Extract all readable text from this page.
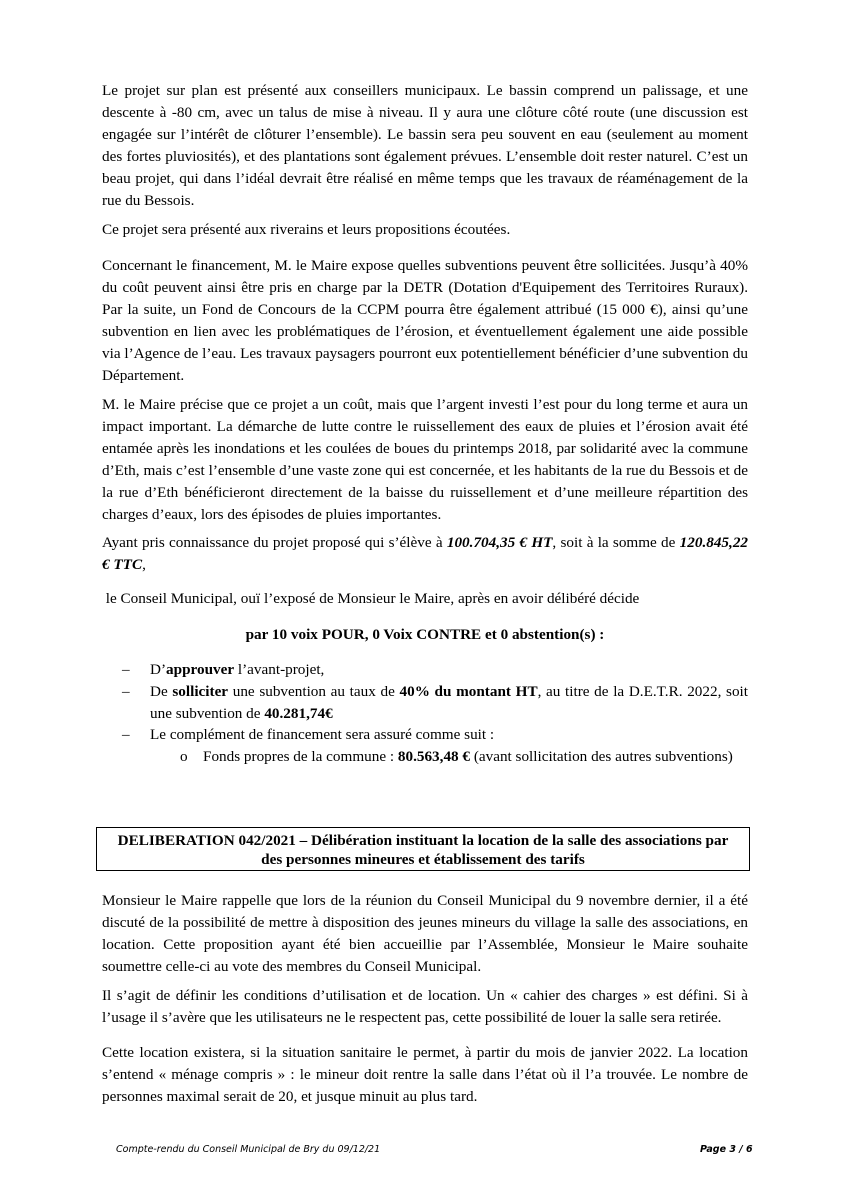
Le projet sur plan est présenté aux conseillers municipaux. Le bassin comprend un palissage, et une descente à -80 cm, avec un talus de mise à niveau. Il y aura une clôture côté route (une discussion est engagée sur l’intérêt de clôturer l’ensemble). Le bassin sera peu souvent en eau (seulement au moment des fortes pluviosités), et des plantations sont également prévues. L’ensemble doit rester naturel. C’est un beau projet, qui dans l’idéal devrait être réalisé en même temps que les travaux de réaménagement de la rue du Bessois.

Ce projet sera présenté aux riverains et leurs propositions écoutées.

Concernant le financement, M. le Maire expose quelles subventions peuvent être sollicitées. Jusqu’à 40% du coût peuvent ainsi être pris en charge par la DETR (Dotation d'Equipement des Territoires Ruraux). Par la suite, un Fond de Concours de la CCPM pourra être également attribué (15 000 €), ainsi qu’une subvention en lien avec les problématiques de l’érosion, et éventuellement également une aide possible via l’Agence de l’eau. Les travaux paysagers pourront eux potentiellement bénéficier d’une subvention du Département.

M. le Maire précise que ce projet a un coût, mais que l’argent investi l’est pour du long terme et aura un impact important. La démarche de lutte contre le ruissellement des eaux de pluies et l’érosion avait été entamée après les inondations et les coulées de boues du printemps 2018, par solidarité avec la commune d’Eth, mais c’est l’ensemble d’une vaste zone qui est concernée, et les habitants de la rue du Bessois et de la rue d’Eth bénéficieront directement de la baisse du ruissellement et d’une meilleure répartition des charges d’eaux, lors des épisodes de pluies importantes.

Ayant pris connaissance du projet proposé qui s’élève à 100.704,35 € HT, soit à la somme de 120.845,22 € TTC,

le Conseil Municipal, ouï l’exposé de Monsieur le Maire, après en avoir délibéré décide

par 10 voix POUR, 0 Voix CONTRE et 0 abstention(s) :

– D’approuver l’avant-projet,
– De solliciter une subvention au taux de 40% du montant HT, au titre de la D.E.T.R. 2022, soit une subvention de 40.281,74€
– Le complément de financement sera assuré comme suit :
o Fonds propres de la commune : 80.563,48 € (avant sollicitation des autres subventions)
DELIBERATION 042/2021 – Délibération instituant la location de la salle des associations par
des personnes mineures et établissement des tarifs

Monsieur le Maire rappelle que lors de la réunion du Conseil Municipal du 9 novembre dernier, il a été discuté de la possibilité de mettre à disposition des jeunes mineurs du village la salle des associations, en location. Cette proposition ayant été bien accueillie par l’Assemblée, Monsieur le Maire souhaite soumettre celle-ci au vote des membres du Conseil Municipal.

Il s’agit de définir les conditions d’utilisation et de location. Un « cahier des charges » est défini. Si à l’usage il s’avère que les utilisateurs ne le respectent pas, cette possibilité de louer la salle sera retirée.

Cette location existera, si la situation sanitaire le permet, à partir du mois de janvier 2022. La location s’entend « ménage compris » : le mineur doit rentre la salle dans l’état où il l’a trouvée. Le nombre de personnes maximal serait de 20, et jusque minuit au plus tard.

Compte-rendu du Conseil Municipal de Bry du 09/12/21	Page 3 / 6
